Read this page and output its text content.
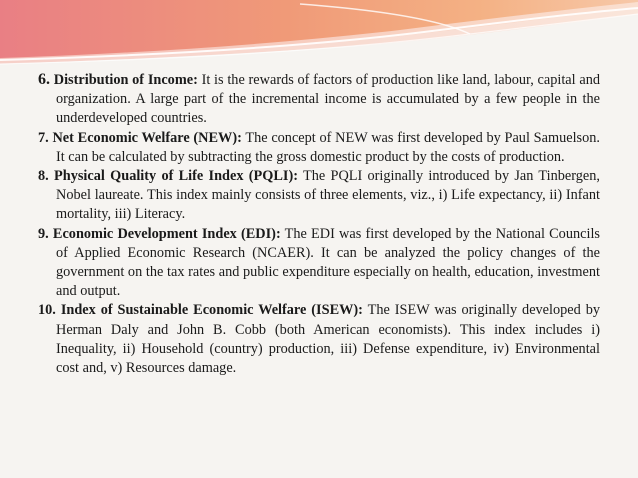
6. Distribution of Income: It is the rewards of factors of production like land, labour, capital and organization. A large part of the incremental income is accumulated by a few people in the underdeveloped countries.

7. Net Economic Welfare (NEW): The concept of NEW was first developed by Paul Samuelson. It can be calculated by subtracting the gross domestic product by the costs of production.

8. Physical Quality of Life Index (PQLI): The PQLI originally introduced by Jan Tinbergen, Nobel laureate. This index mainly consists of three elements, viz., i) Life expectancy, ii) Infant mortality, iii) Literacy.

9. Economic Development Index (EDI): The EDI was first developed by the National Councils of Applied Economic Research (NCAER). It can be analyzed the policy changes of the government on the tax rates and public expenditure especially on health, education, investment and output.

10. Index of Sustainable Economic Welfare (ISEW): The ISEW was originally developed by Herman Daly and John B. Cobb (both American economists). This index includes i) Inequality, ii) Household (country) production, iii) Defense expenditure, iv) Environmental cost and, v) Resources damage.
